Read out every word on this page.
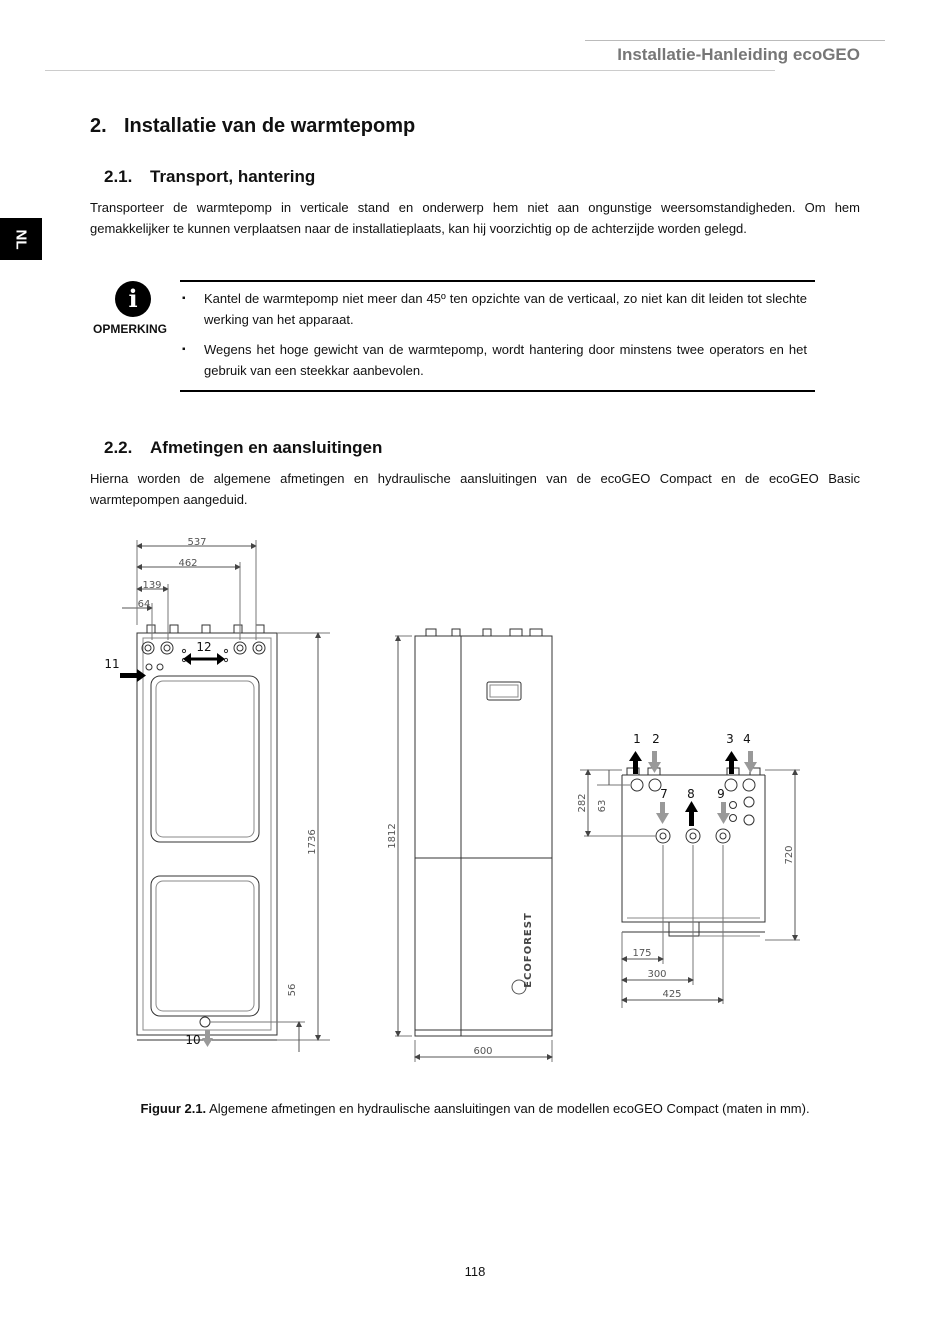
Installatie-Hanleiding ecoGEO
NL
2. Installatie van de warmtepomp
2.1. Transport, hantering

Transporteer de warmtepomp in verticale stand en onderwerp hem niet aan ongunstige weersomstandigheden. Om hem gemakkelijker te kunnen verplaatsen naar de installatieplaats, kan hij voorzichtig op de achterzijde worden gelegd.

i
OPMERKING
▪ Kantel de warmtepomp niet meer dan 45º ten opzichte van de verticaal, zo niet kan dit leiden tot slechte werking van het apparaat.
▪ Wegens het hoge gewicht van de warmtepomp, wordt hantering door minstens twee operators en het gebruik van een steekkar aanbevolen.
2.2. Afmetingen en aansluitingen

Hierna worden de algemene afmetingen en hydraulische aansluitingen van de ecoGEO Compact en de ecoGEO Basic warmtepompen aangeduid.

537
462
139
64
1736
56
1812
600
282 63
720
175
300
425
1 2	3 4
7 8 9
10
11
12
ECOFOREST
Figuur 2.1. Algemene afmetingen en hydraulische aansluitingen van de modellen ecoGEO Compact (maten in mm).
118
